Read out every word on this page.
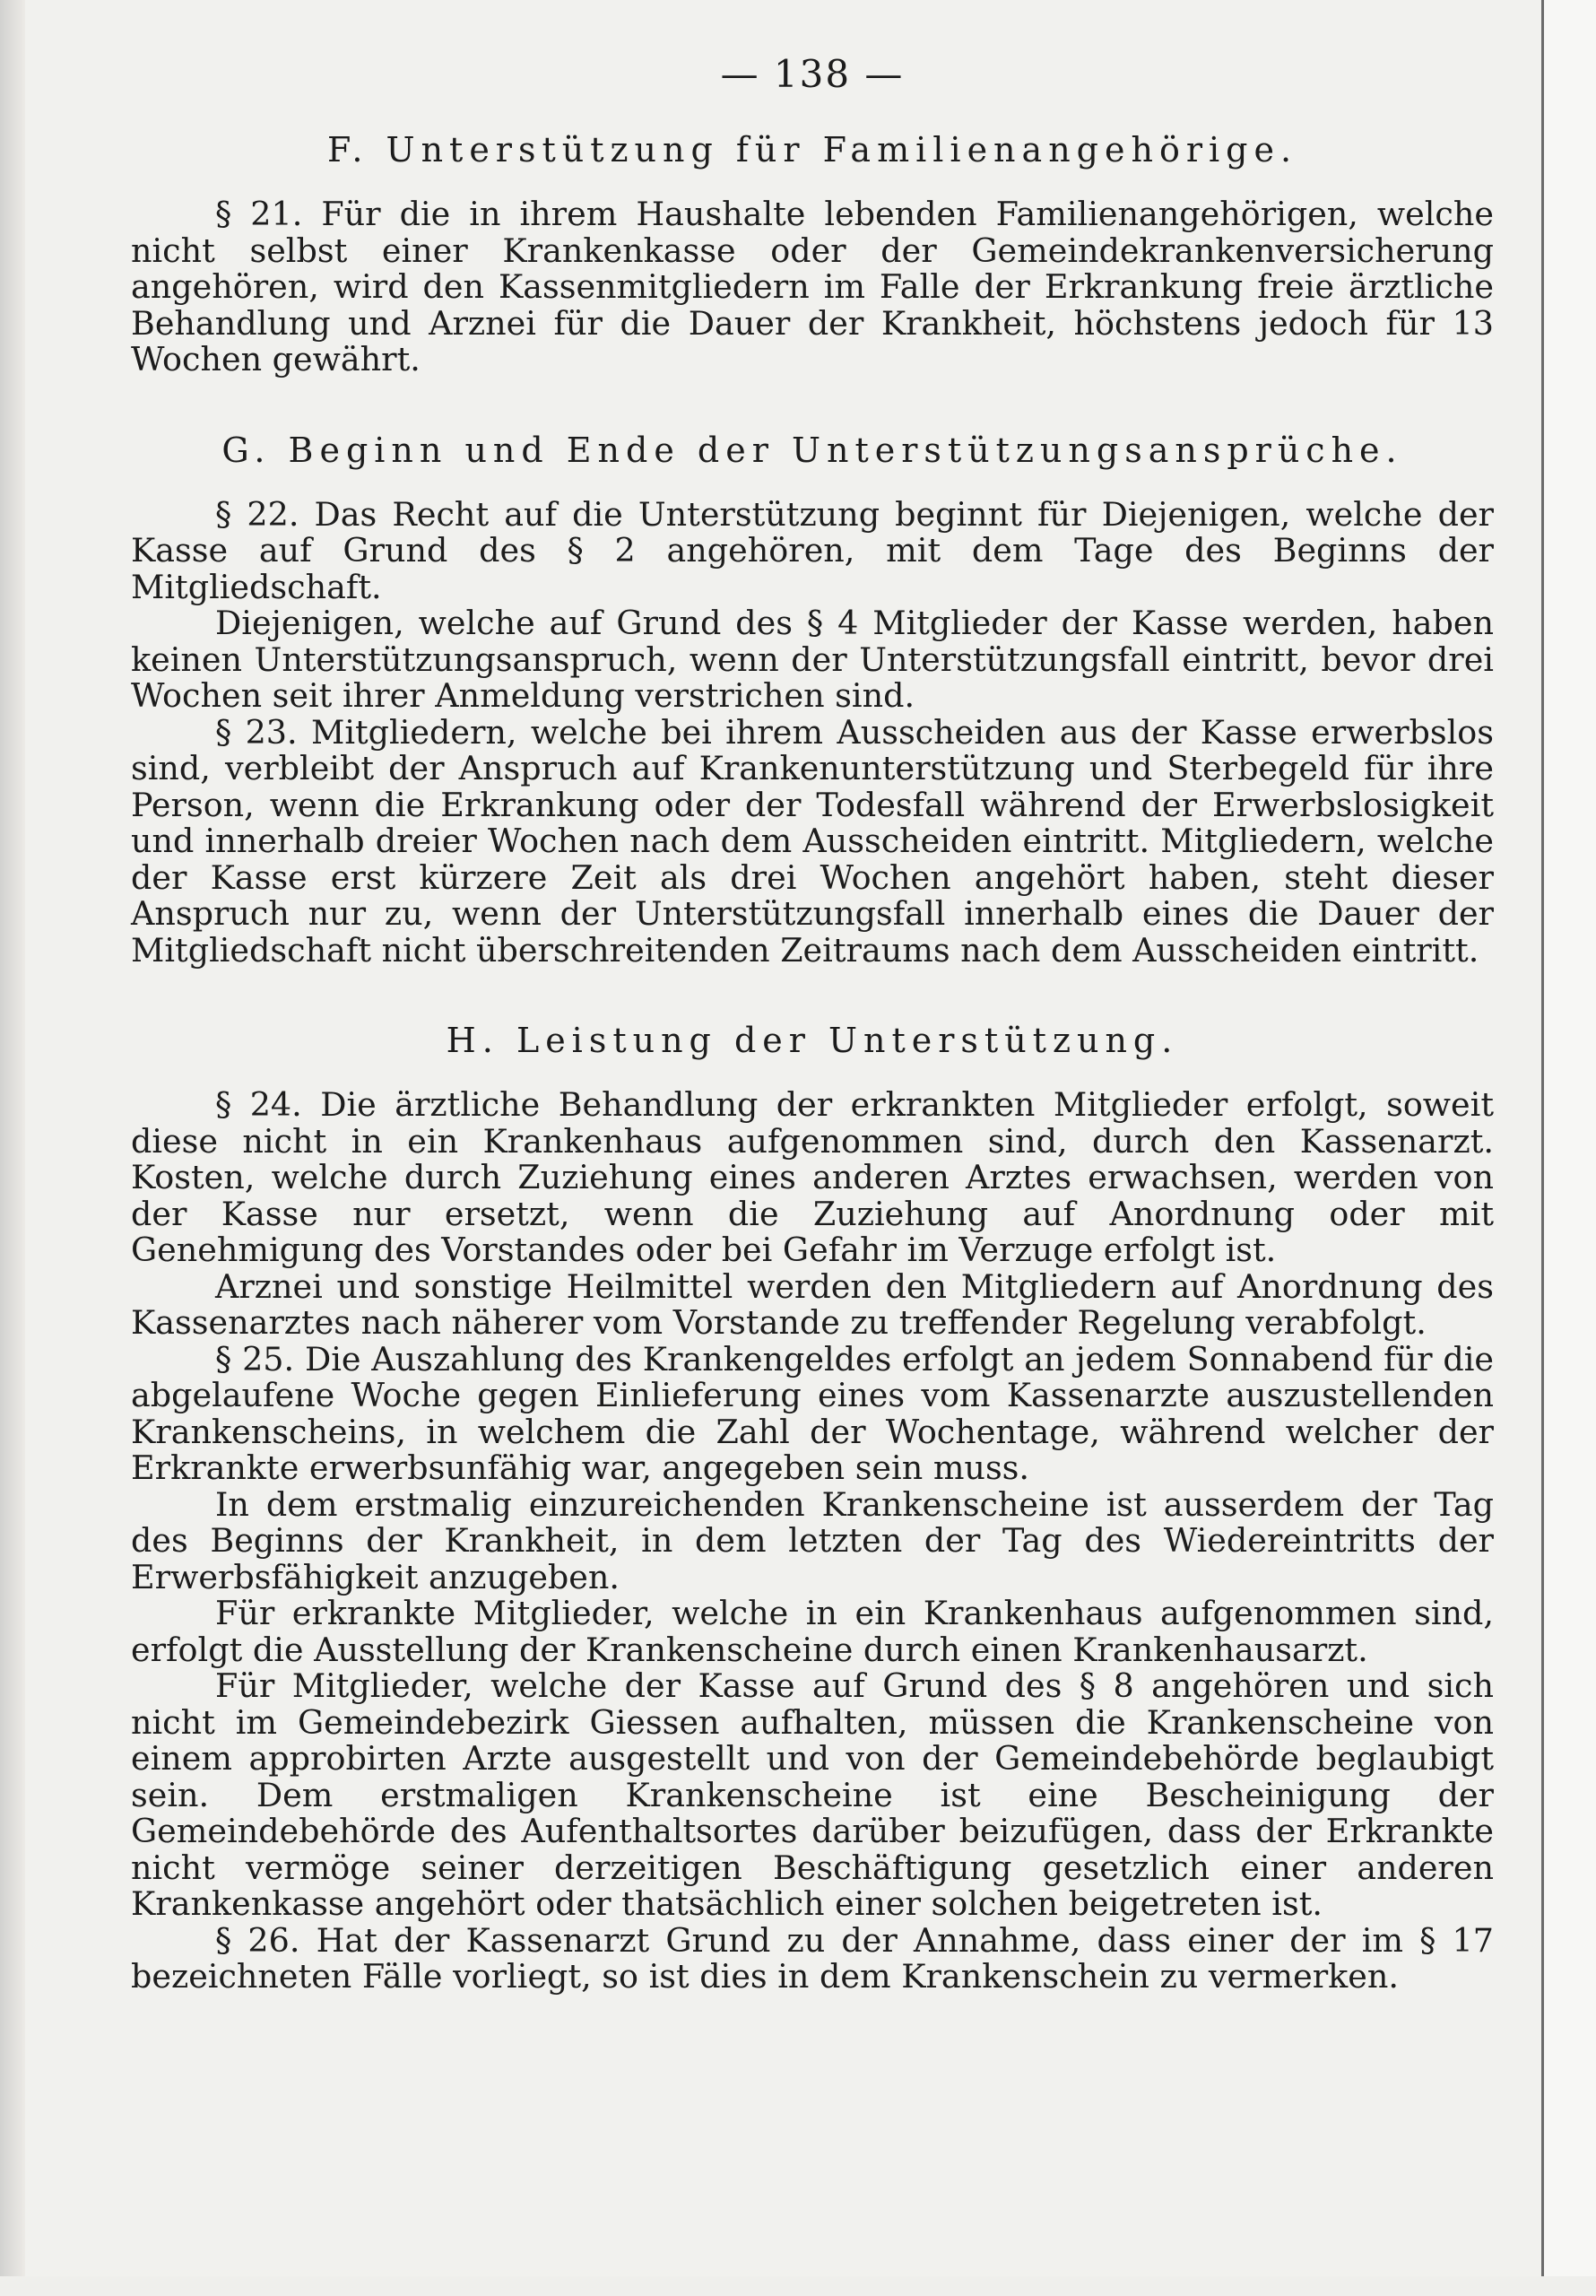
— 138 —
F. Unterstützung für Familienangehörige.

§ 21. Für die in ihrem Haushalte lebenden Familienangehörigen, welche nicht selbst einer Krankenkasse oder der Gemeindekrankenversicherung angehören, wird den Kassenmitgliedern im Falle der Erkrankung freie ärztliche Behandlung und Arznei für die Dauer der Krankheit, höchstens jedoch für 13 Wochen gewährt.

G. Beginn und Ende der Unterstützungsansprüche.

§ 22. Das Recht auf die Unterstützung beginnt für Diejenigen, welche der Kasse auf Grund des § 2 angehören, mit dem Tage des Beginns der Mitgliedschaft.

Diejenigen, welche auf Grund des § 4 Mitglieder der Kasse werden, haben keinen Unterstützungsanspruch, wenn der Unterstützungsfall eintritt, bevor drei Wochen seit ihrer Anmeldung verstrichen sind.

§ 23. Mitgliedern, welche bei ihrem Ausscheiden aus der Kasse erwerbslos sind, verbleibt der Anspruch auf Krankenunterstützung und Sterbegeld für ihre Person, wenn die Erkrankung oder der Todesfall während der Erwerbslosigkeit und innerhalb dreier Wochen nach dem Ausscheiden eintritt. Mitgliedern, welche der Kasse erst kürzere Zeit als drei Wochen angehört haben, steht dieser Anspruch nur zu, wenn der Unterstützungsfall innerhalb eines die Dauer der Mitgliedschaft nicht überschreitenden Zeitraums nach dem Ausscheiden eintritt.

H. Leistung der Unterstützung.

§ 24. Die ärztliche Behandlung der erkrankten Mitglieder erfolgt, soweit diese nicht in ein Krankenhaus aufgenommen sind, durch den Kassenarzt. Kosten, welche durch Zuziehung eines anderen Arztes erwachsen, werden von der Kasse nur ersetzt, wenn die Zuziehung auf Anordnung oder mit Genehmigung des Vorstandes oder bei Gefahr im Verzuge erfolgt ist.

Arznei und sonstige Heilmittel werden den Mitgliedern auf Anordnung des Kassenarztes nach näherer vom Vorstande zu treffender Regelung verabfolgt.

§ 25. Die Auszahlung des Krankengeldes erfolgt an jedem Sonnabend für die abgelaufene Woche gegen Einlieferung eines vom Kassenarzte auszustellenden Krankenscheins, in welchem die Zahl der Wochentage, während welcher der Erkrankte erwerbsunfähig war, angegeben sein muss.

In dem erstmalig einzureichenden Krankenscheine ist ausserdem der Tag des Beginns der Krankheit, in dem letzten der Tag des Wiedereintritts der Erwerbsfähigkeit anzugeben.

Für erkrankte Mitglieder, welche in ein Krankenhaus aufgenommen sind, erfolgt die Ausstellung der Krankenscheine durch einen Krankenhausarzt.

Für Mitglieder, welche der Kasse auf Grund des § 8 angehören und sich nicht im Gemeindebezirk Giessen aufhalten, müssen die Krankenscheine von einem approbirten Arzte ausgestellt und von der Gemeindebehörde beglaubigt sein. Dem erstmaligen Krankenscheine ist eine Bescheinigung der Gemeindebehörde des Aufenthaltsortes darüber beizufügen, dass der Erkrankte nicht vermöge seiner derzeitigen Beschäftigung gesetzlich einer anderen Krankenkasse angehört oder thatsächlich einer solchen beigetreten ist.

§ 26. Hat der Kassenarzt Grund zu der Annahme, dass einer der im § 17 bezeichneten Fälle vorliegt, so ist dies in dem Krankenschein zu vermerken.
